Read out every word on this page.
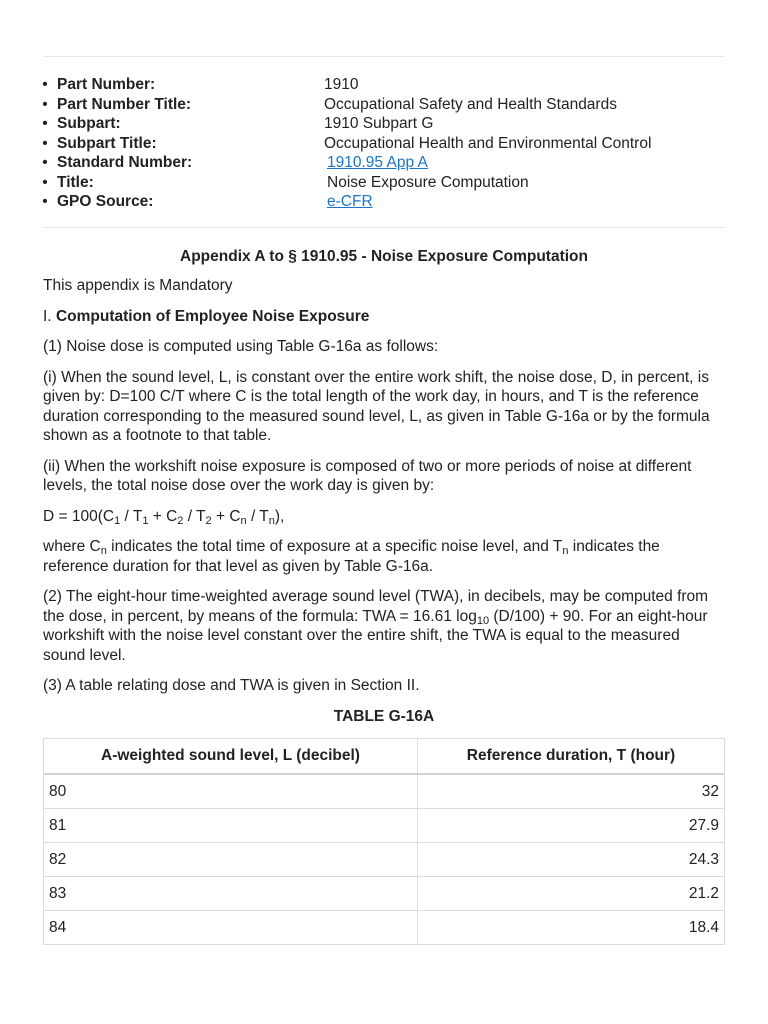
• Part Number:	1910
• Part Number Title:	Occupational Safety and Health Standards
• Subpart:	1910 Subpart G
• Subpart Title:	Occupational Health and Environmental Control
• Standard Number:	1910.95 App A
• Title:	Noise Exposure Computation
• GPO Source:	e-CFR
Appendix A to § 1910.95 - Noise Exposure Computation

This appendix is Mandatory

I. Computation of Employee Noise Exposure

(1) Noise dose is computed using Table G-16a as follows:

(i) When the sound level, L, is constant over the entire work shift, the noise dose, D, in percent, is given by: D=100 C/T where C is the total length of the work day, in hours, and T is the reference duration corresponding to the measured sound level, L, as given in Table G-16a or by the formula shown as a footnote to that table.

(ii) When the workshift noise exposure is composed of two or more periods of noise at different levels, the total noise dose over the work day is given by:

$D = 100(C_1 / T_1 + C_2 / T_2 + C_n / T_n)$,

where $C_n$ indicates the total time of exposure at a specific noise level, and $T_n$ indicates the reference duration for that level as given by Table G-16a.

(2) The eight-hour time-weighted average sound level (TWA), in decibels, may be computed from the dose, in percent, by means of the formula: TWA = 16.61 $\log_{10} (D/100) + 90$. For an eight-hour workshift with the noise level constant over the entire shift, the TWA is equal to the measured sound level.

(3) A table relating dose and TWA is given in Section II.

TABLE G-16A
A-weighted sound level, L (decibel)	Reference duration, T (hour)
80	32
81	27.9
82	24.3
83	21.2
84	18.4
